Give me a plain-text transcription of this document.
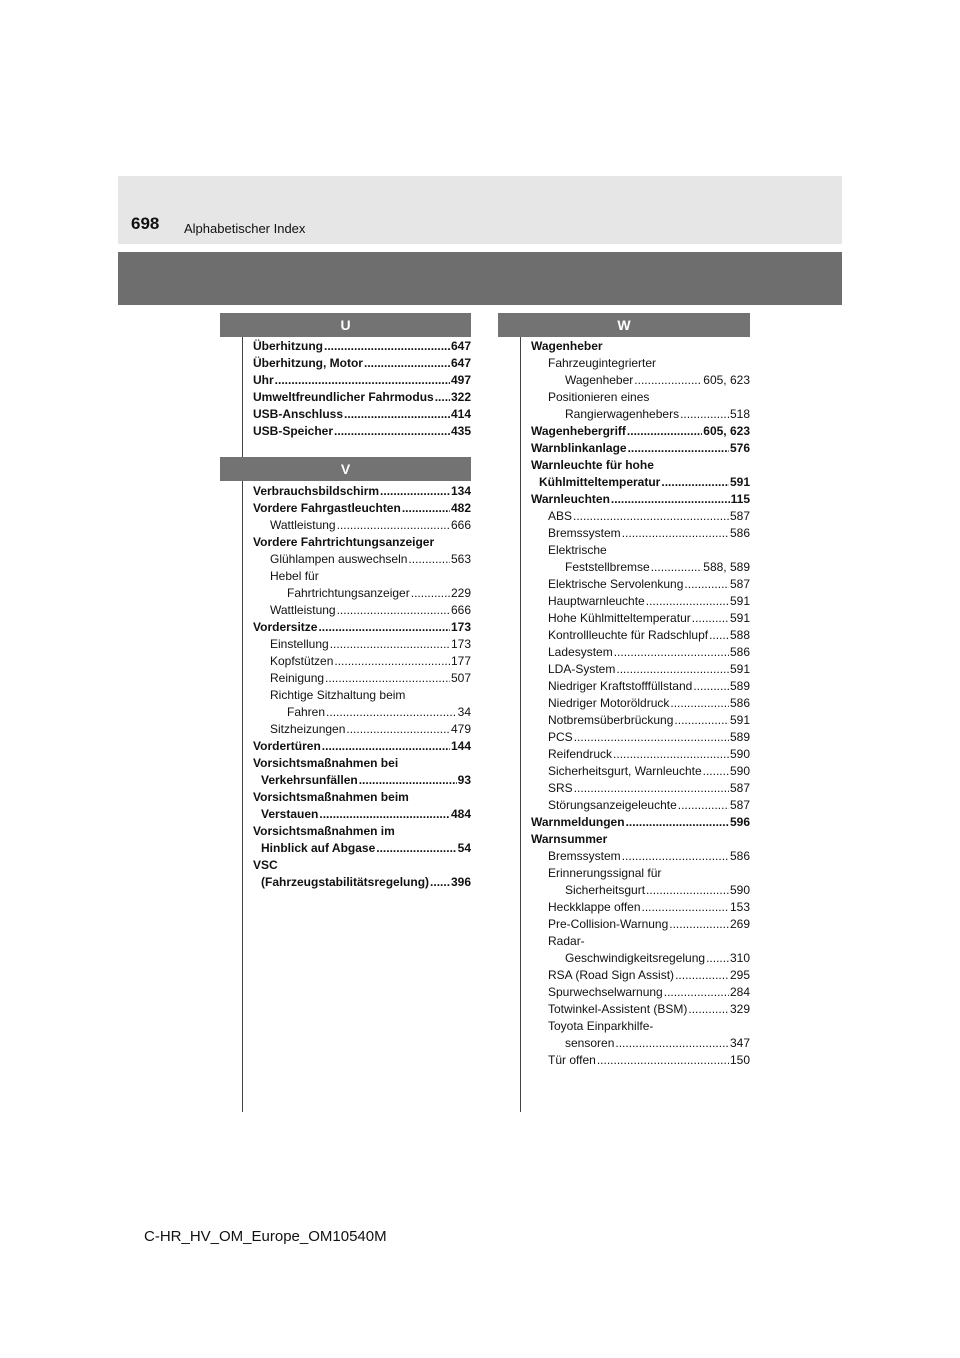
698 Alphabetischer Index
U
Überhitzung .....	647
Überhitzung, Motor .....	647
Uhr .....	497
Umweltfreundlicher Fahrmodus ..... 322
USB-Anschluss .....	414
USB-Speicher .....	435
V
Verbrauchsbildschirm .....	134
Vordere Fahrgastleuchten .....	482
Wattleistung .....	666
Vordere Fahrtrichtungsanzeiger
Glühlampen auswechseln .....	563
Hebel für
Fahrtrichtungsanzeiger .....	229
Wattleistung .....	666
Vordersitze .....	173
Einstellung .....	173
Kopfstützen .....	177
Reinigung .....	507
Richtige Sitzhaltung beim
Fahren .....	34
Sitzheizungen .....	479
Vordertüren .....	144
Vorsichtsmaßnahmen bei
Verkehrsunfällen .....	93
Vorsichtsmaßnahmen beim
Verstauen .....	484
Vorsichtsmaßnahmen im
Hinblick auf Abgase .....	54
VSC
(Fahrzeugstabilitätsregelung) ..... 396
W
Wagenheber
Fahrzeugintegrierter
Wagenheber .....	605, 623
Positionieren eines
Rangierwagenhebers .....	518
Wagenhebergriff .....	605, 623
Warnblinkanlage .....	576
Warnleuchte für hohe
Kühlmitteltemperatur .....	591
Warnleuchten .....	115
ABS .....	587
Bremssystem .....	586
Elektrische
Feststellbremse .....	588, 589
Elektrische Servolenkung .....	587
Hauptwarnleuchte .....	591
Hohe Kühlmitteltemperatur .....	591
Kontrollleuchte für Radschlupf ..... 588
Ladesystem .....	586
LDA-System .....	591
Niedriger Kraftstofffüllstand .....	589
Niedriger Motoröldruck .....	586
Notbremsüberbrückung .....	591
PCS .....	589
Reifendruck .....	590
Sicherheitsgurt, Warnleuchte ..... 590
SRS .....	587
Störungsanzeigeleuchte .....	587
Warnmeldungen .....	596
Warnsummer
Bremssystem .....	586
Erinnerungssignal für
Sicherheitsgurt .....	590
Heckklappe offen .....	153
Pre-Collision-Warnung .....	269
Radar-
Geschwindigkeitsregelung ..... 310
RSA (Road Sign Assist) .....	295
Spurwechselwarnung .....	284
Totwinkel-Assistent (BSM) .....	329
Toyota Einparkhilfe-
sensoren .....	347
Tür offen .....	150
C-HR_HV_OM_Europe_OM10540M
